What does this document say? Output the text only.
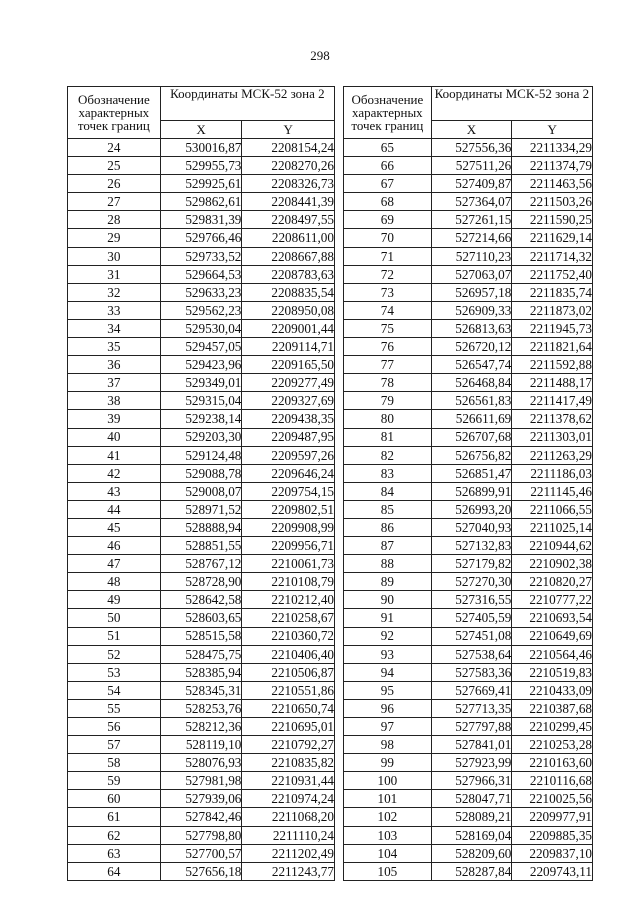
298
Обозначение характерных точек границ	Координаты МСК-52 зона 2	
	X	Y
24	530016,87	2208154,24
25	529955,73	2208270,26
26	529925,61	2208326,73
27	529862,61	2208441,39
28	529831,39	2208497,55
29	529766,46	2208611,00
30	529733,52	2208667,88
31	529664,53	2208783,63
32	529633,23	2208835,54
33	529562,23	2208950,08
34	529530,04	2209001,44
35	529457,05	2209114,71
36	529423,96	2209165,50
37	529349,01	2209277,49
38	529315,04	2209327,69
39	529238,14	2209438,35
40	529203,30	2209487,95
41	529124,48	2209597,26
42	529088,78	2209646,24
43	529008,07	2209754,15
44	528971,52	2209802,51
45	528888,94	2209908,99
46	528851,55	2209956,71
47	528767,12	2210061,73
48	528728,90	2210108,79
49	528642,58	2210212,40
50	528603,65	2210258,67
51	528515,58	2210360,72
52	528475,75	2210406,40
53	528385,94	2210506,87
54	528345,31	2210551,86
55	528253,76	2210650,74
56	528212,36	2210695,01
57	528119,10	2210792,27
58	528076,93	2210835,82
59	527981,98	2210931,44
60	527939,06	2210974,24
61	527842,46	2211068,20
62	527798,80	2211110,24
63	527700,57	2211202,49
64	527656,18	2211243,77
Обозначение характерных точек границ	Координаты МСК-52 зона 2	
	X	Y
65	527556,36	2211334,29
66	527511,26	2211374,79
67	527409,87	2211463,56
68	527364,07	2211503,26
69	527261,15	2211590,25
70	527214,66	2211629,14
71	527110,23	2211714,32
72	527063,07	2211752,40
73	526957,18	2211835,74
74	526909,33	2211873,02
75	526813,63	2211945,73
76	526720,12	2211821,64
77	526547,74	2211592,88
78	526468,84	2211488,17
79	526561,83	2211417,49
80	526611,69	2211378,62
81	526707,68	2211303,01
82	526756,82	2211263,29
83	526851,47	2211186,03
84	526899,91	2211145,46
85	526993,20	2211066,55
86	527040,93	2211025,14
87	527132,83	2210944,62
88	527179,82	2210902,38
89	527270,30	2210820,27
90	527316,55	2210777,22
91	527405,59	2210693,54
92	527451,08	2210649,69
93	527538,64	2210564,46
94	527583,36	2210519,83
95	527669,41	2210433,09
96	527713,35	2210387,68
97	527797,88	2210299,45
98	527841,01	2210253,28
99	527923,99	2210163,60
100	527966,31	2210116,68
101	528047,71	2210025,56
102	528089,21	2209977,91
103	528169,04	2209885,35
104	528209,60	2209837,10
105	528287,84	2209743,11
